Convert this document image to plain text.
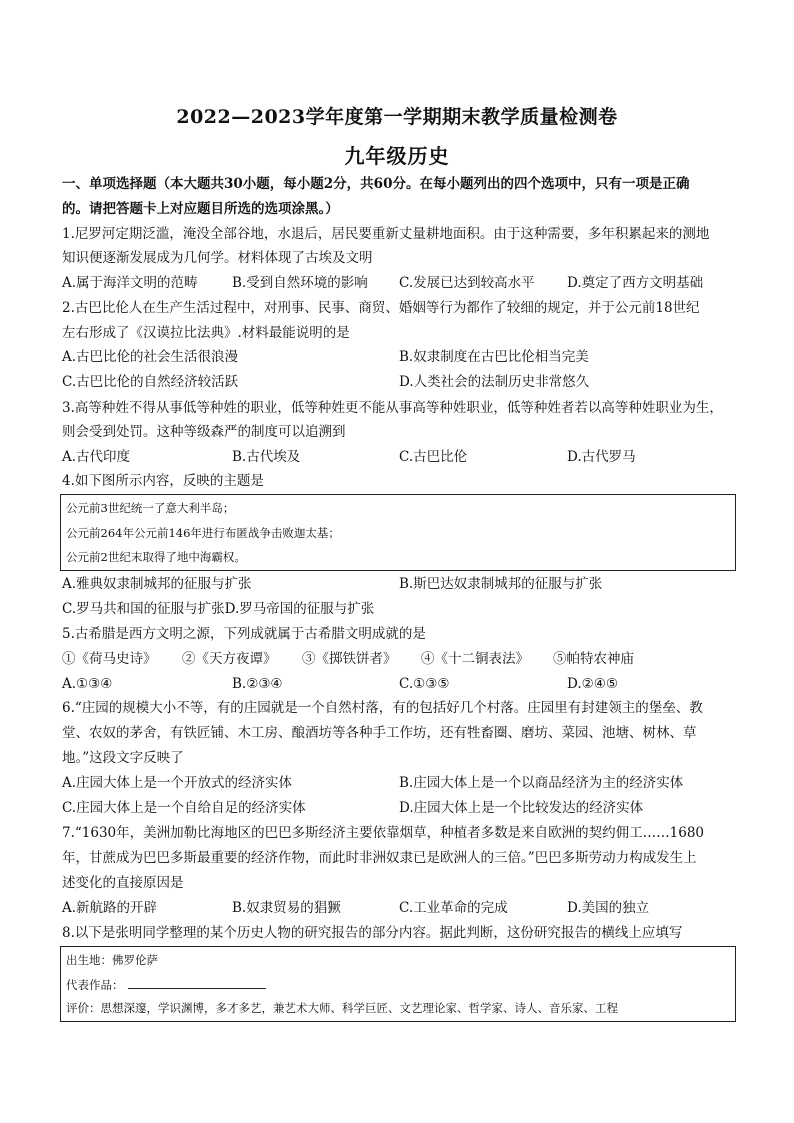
2022—2023学年度第一学期期末教学质量检测卷
九年级历史
一、单项选择题（本大题共30小题，每小题2分，共60分。在每小题列出的四个选项中，只有一项是正确
的。请把答题卡上对应题目所选的选项涂黑。）
1.尼罗河定期泛滥，淹没全部谷地，水退后，居民要重新丈量耕地面积。由于这种需要，多年积累起来的测地
知识便逐渐发展成为几何学。材料体现了古埃及文明
A.属于海洋文明的范畴	B.受到自然环境的影响 C.发展已达到较高水平 D.奠定了西方文明基础
2.古巴比伦人在生产生活过程中，对刑事、民事、商贸、婚姻等行为都作了较细的规定，并于公元前18世纪
左右形成了《汉谟拉比法典》.材料最能说明的是
A.古巴比伦的社会生活很浪漫	B.奴隶制度在古巴比伦相当完美
C.古巴比伦的自然经济较活跃	D.人类社会的法制历史非常悠久
3.高等种姓不得从事低等种姓的职业，低等种姓更不能从事高等种姓职业，低等种姓者若以高等种姓职业为生，
则会受到处罚。这种等级森严的制度可以追溯到
A.古代印度	B.古代埃及	C.古巴比伦	D.古代罗马
4.如下图所示内容，反映的主题是
公元前3世纪统一了意大利半岛；
公元前264年公元前146年进行布匿战争击败迦太基；
公元前2世纪末取得了地中海霸权。
A.雅典奴隶制城邦的征服与扩张	B.斯巴达奴隶制城邦的征服与扩张
C.罗马共和国的征服与扩张D.罗马帝国的征服与扩张
5.古希腊是西方文明之源，下列成就属于古希腊文明成就的是
①《荷马史诗》 ②《天方夜谭》 ③《掷铁饼者》 ④《十二铜表法》 ⑤帕特农神庙
A.①③④	B.②③④	C.①③⑤	D.②④⑤
6.“庄园的规模大小不等，有的庄园就是一个自然村落，有的包括好几个村落。庄园里有封建领主的堡垒、教
堂、农奴的茅舍，有铁匠铺、木工房、酿酒坊等各种手工作坊，还有牲畜圈、磨坊、菜园、池塘、树林、草
地。”这段文字反映了
A.庄园大体上是一个开放式的经济实体	B.庄园大体上是一个以商品经济为主的经济实体
C.庄园大体上是一个自给自足的经济实体	D.庄园大体上是一个比较发达的经济实体
7.“1630年，美洲加勒比海地区的巴巴多斯经济主要依靠烟草，种植者多数是来自欧洲的契约佣工……1680
年，甘蔗成为巴巴多斯最重要的经济作物，而此时非洲奴隶已是欧洲人的三倍。”巴巴多斯劳动力构成发生上
述变化的直接原因是
A.新航路的开辟	B.奴隶贸易的猖獗	C.工业革命的完成	D.美国的独立
8.以下是张明同学整理的某个历史人物的研究报告的部分内容。据此判断，这份研究报告的横线上应填写
出生地：佛罗伦萨
代表作品：
评价：思想深邃，学识渊博，多才多艺，兼艺术大师、科学巨匠、文艺理论家、哲学家、诗人、音乐家、工程
